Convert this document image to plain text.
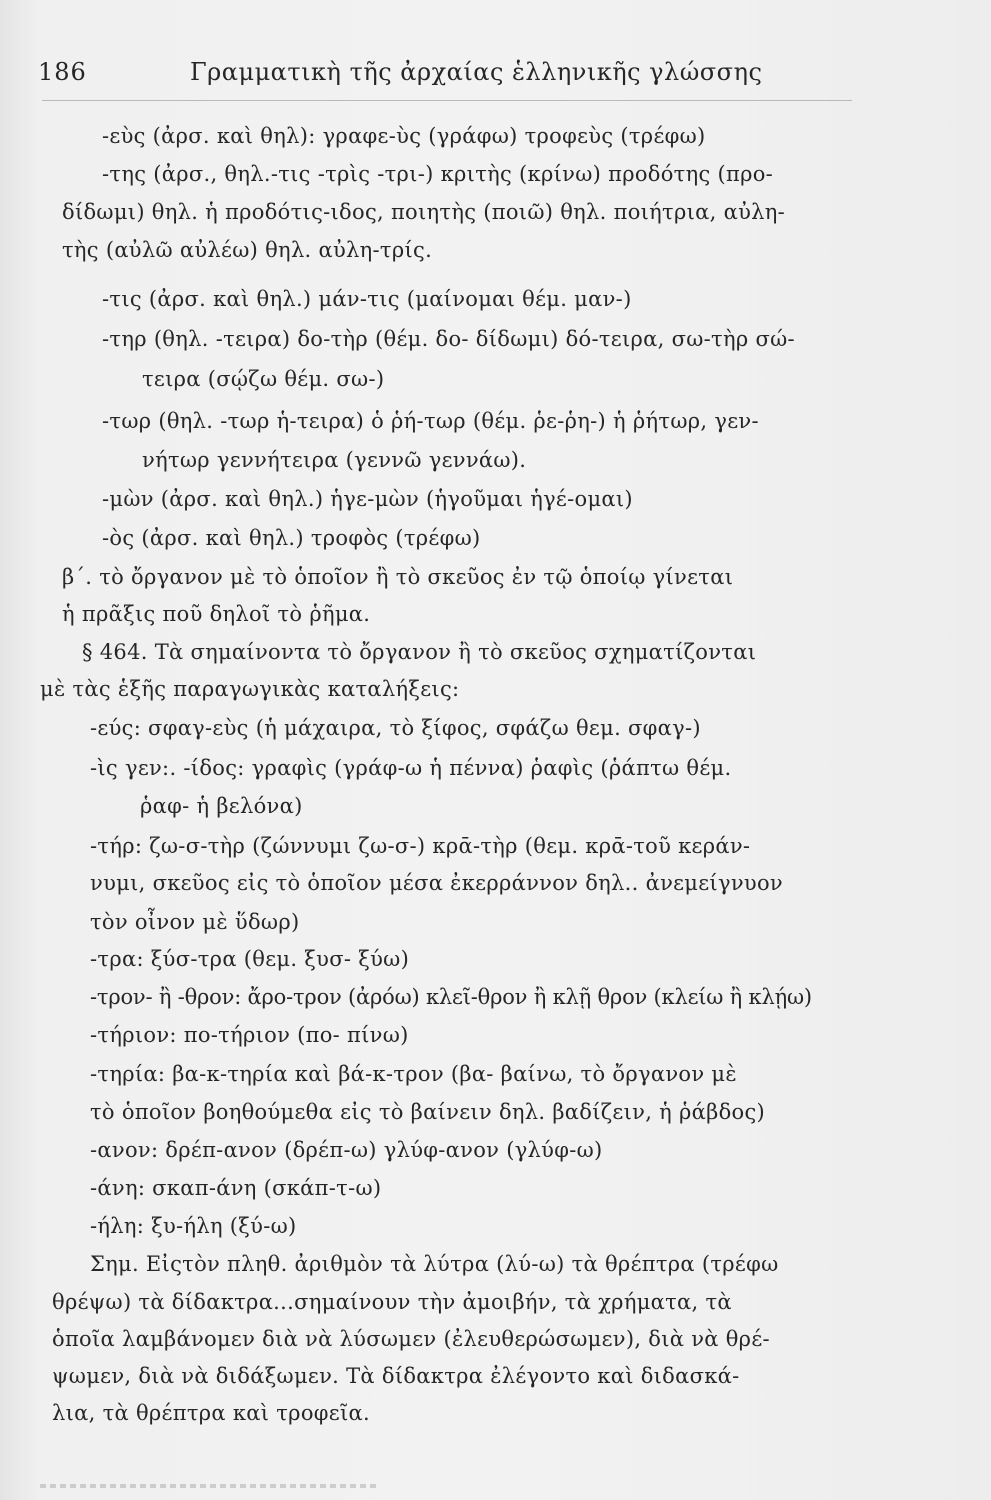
186	Γραμματικὴ τῆς ἀρχαίας ἑλληνικῆς γλώσσης
-εὺς (ἀρσ. καὶ θηλ): γραφε-ὺς (γράφω) τροφεὺς (τρέφω)
-της (ἀρσ., θηλ.-τις -τρὶς -τρι-) κριτὴς (κρίνω) προδότης (προ-
δίδωμι) θηλ. ἡ προδότις-ιδος, ποιητὴς (ποιῶ) θηλ. ποιήτρια, αὐλη-
τὴς (αὐλῶ αὐλέω) θηλ. αὐλη-τρίς.
-τις (ἀρσ. καὶ θηλ.) μάν-τις (μαίνομαι θέμ. μαν-)
-τηρ (θηλ. -τειρα) δο-τὴρ (θέμ. δο- δίδωμι) δό-τειρα, σω-τὴρ σώ-
τειρα (σῴζω θέμ. σω-)
-τωρ (θηλ. -τωρ ἡ-τειρα) ὁ ῥή-τωρ (θέμ. ῥε-ῥη-) ἡ ῥήτωρ, γεν-
νήτωρ γεννήτειρα (γεννῶ γεννάω).
-μὼν (ἀρσ. καὶ θηλ.) ἡγε-μὼν (ἡγοῦμαι ἡγέ-ομαι)
-ὸς (ἀρσ. καὶ θηλ.) τροφὸς (τρέφω)
β΄. τὸ ὄργανον μὲ τὸ ὁποῖον ἢ τὸ σκεῦος ἐν τῷ ὁποίῳ γίνεται
ἡ πρᾶξις ποῦ δηλοῖ τὸ ῥῆμα.
§ 464. Τὰ σημαίνοντα τὸ ὄργανον ἢ τὸ σκεῦος σχηματίζονται
μὲ τὰς ἑξῆς παραγωγικὰς καταλήξεις:
-εύς: σφαγ-εὺς (ἡ μάχαιρα, τὸ ξίφος, σφάζω θεμ. σφαγ-)
-ὶς γεν:. -ίδος: γραφὶς (γράφ-ω ἡ πέννα) ῥαφὶς (ῥάπτω θέμ.
ῥαφ- ἡ βελόνα)
-τήρ: ζω-σ-τὴρ (ζώννυμι ζω-σ-) κρᾱ-τὴρ (θεμ. κρᾱ-τοῦ κεράν-
νυμι, σκεῦος εἰς τὸ ὁποῖον μέσα ἐκερράννον δηλ.. ἀνεμείγνυον
τὸν οἶνον μὲ ὕδωρ)
-τρα: ξύσ-τρα (θεμ. ξυσ- ξύω)
-τρον- ἢ -θρον: ἄρο-τρον (ἀρόω) κλεῖ-θρον ἢ κλῇ θρον (κλείω ἢ κλῄω)
-τήριον: πο-τήριον (πο- πίνω)
-τηρία: βα-κ-τηρία καὶ βά-κ-τρον (βα- βαίνω, τὸ ὄργανον μὲ
τὸ ὁποῖον βοηθούμεθα εἰς τὸ βαίνειν δηλ. βαδίζειν, ἡ ῥάβδος)
-ανον: δρέπ-ανον (δρέπ-ω) γλύφ-ανον (γλύφ-ω)
-άνη: σκαπ-άνη (σκάπ-τ-ω)
-ήλη: ξυ-ήλη (ξύ-ω)
Σημ. Εἰςτὸν πληθ. ἀριθμὸν τὰ λύτρα (λύ-ω) τὰ θρέπτρα (τρέφω
θρέψω) τὰ δίδακτρα...σημαίνουν τὴν ἀμοιβήν, τὰ χρήματα, τὰ
ὁποῖα λαμβάνομεν διὰ νὰ λύσωμεν (ἐλευθερώσωμεν), διὰ νὰ θρέ-
ψωμεν, διὰ νὰ διδάξωμεν. Τὰ δίδακτρα ἐλέγοντο καὶ διδασκά-
λια, τὰ θρέπτρα καὶ τροφεῖα.
